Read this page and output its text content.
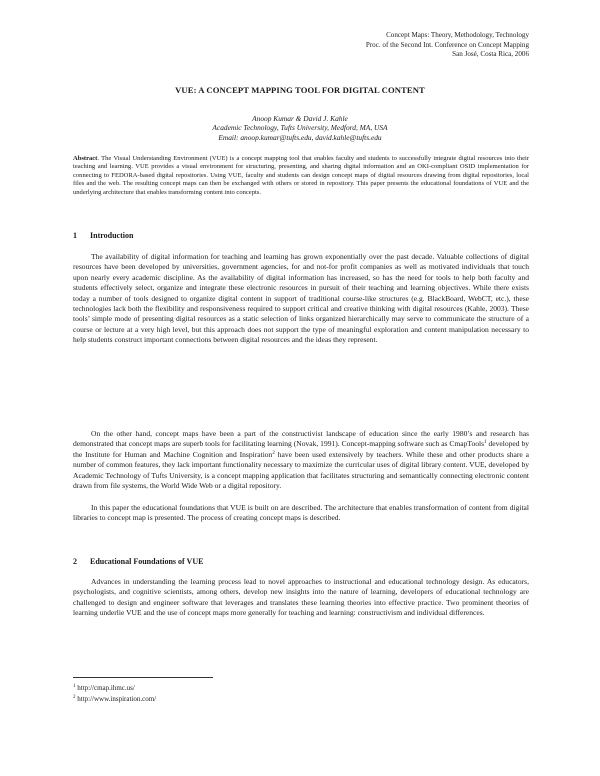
Concept Maps: Theory, Methodology, Technology
Proc. of the Second Int. Conference on Concept Mapping
San José, Costa Rica, 2006
VUE: A CONCEPT MAPPING TOOL FOR DIGITAL CONTENT
Anoop Kumar & David J. Kahle
Academic Technology, Tufts University, Medford, MA, USA
Email: anoop.kumar@tufts.edu, david.kahle@tufts.edu
Abstract. The Visual Understanding Environment (VUE) is a concept mapping tool that enables faculty and students to successfully integrate digital resources into their teaching and learning. VUE provides a visual environment for structuring, presenting, and sharing digital information and an OKI-compliant OSID implementation for connecting to FEDORA-based digital repositories. Using VUE, faculty and students can design concept maps of digital resources drawing from digital repositories, local files and the web. The resulting concept maps can then be exchanged with others or stored in repository. This paper presents the educational foundations of VUE and the underlying architecture that enables transforming content into concepts.
1 Introduction

The availability of digital information for teaching and learning has grown exponentially over the past decade. Valuable collections of digital resources have been developed by universities, government agencies, for and not-for profit companies as well as motivated individuals that touch upon nearly every academic discipline. As the availability of digital information has increased, so has the need for tools to help both faculty and students effectively select, organize and integrate these electronic resources in pursuit of their teaching and learning objectives. While there exists today a number of tools designed to organize digital content in support of traditional course-like structures (e.g. BlackBoard, WebCT, etc.), these technologies lack both the flexibility and responsiveness required to support critical and creative thinking with digital resources (Kahle, 2003). These tools’ simple mode of presenting digital resources as a static selection of links organized hierarchically may serve to communicate the structure of a course or lecture at a very high level, but this approach does not support the type of meaningful exploration and content manipulation necessary to help students construct important connections between digital resources and the ideas they represent.

On the other hand, concept maps have been a part of the constructivist landscape of education since the early 1980’s and research has demonstrated that concept maps are superb tools for facilitating learning (Novak, 1991). Concept-mapping software such as CmapTools$^1$ developed by the Institute for Human and Machine Cognition and Inspiration$^2$ have been used extensively by teachers. While these and other products share a number of common features, they lack important functionality necessary to maximize the curricular uses of digital library content. VUE, developed by Academic Technology of Tufts University, is a concept mapping application that facilitates structuring and semantically connecting electronic content drawn from file systems, the World Wide Web or a digital repository.

In this paper the educational foundations that VUE is built on are described. The architecture that enables transformation of content from digital libraries to concept map is presented. The process of creating concept maps is described.

2 Educational Foundations of VUE

Advances in understanding the learning process lead to novel approaches to instructional and educational technology design. As educators, psychologists, and cognitive scientists, among others, develop new insights into the nature of learning, developers of educational technology are challenged to design and engineer software that leverages and translates these learning theories into effective practice. Two prominent theories of learning underlie VUE and the use of concept maps more generally for teaching and learning: constructivism and individual differences.

$^1$ http://cmap.ihmc.us/
$^2$ http://www.inspiration.com/
